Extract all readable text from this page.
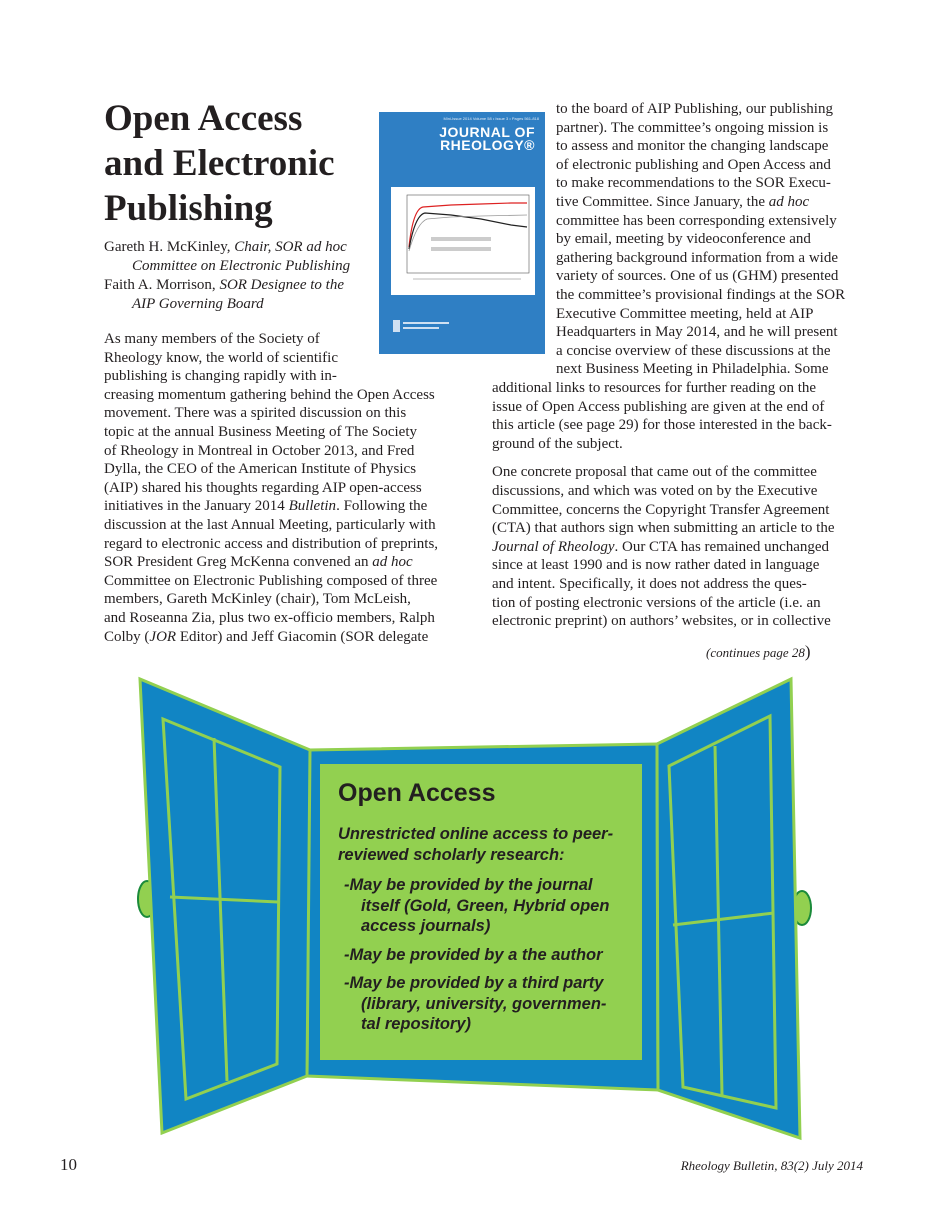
Open Access
and Electronic
Publishing
Gareth H. McKinley, Chair, SOR ad hoc
Committee on Electronic Publishing
Faith A. Morrison, SOR Designee to the
AIP Governing Board
As many members of the Society of
Rheology know, the world of scientific
publishing is changing rapidly with in-
creasing momentum gathering behind the Open Access
movement. There was a spirited discussion on this
topic at the annual Business Meeting of The Society
of Rheology in Montreal in October 2013, and Fred
Dylla, the CEO of the American Institute of Physics
(AIP) shared his thoughts regarding AIP open-access
initiatives in the January 2014 Bulletin. Following the
discussion at the last Annual Meeting, particularly with
regard to electronic access and distribution of preprints,
SOR President Greg McKenna convened an ad hoc
Committee on Electronic Publishing composed of three
members, Gareth McKinley (chair), Tom McLeish,
and Roseanna Zia, plus two ex-officio members, Ralph
Colby (JOR Editor) and Jeff Giacomin (SOR delegate
Mini-Issue 2014 Volume 58 • Issue 3 • Pages 561-818
JOURNAL OF
RHEOLOGY®
to the board of AIP Publishing, our publishing
partner). The committee’s ongoing mission is
to assess and monitor the changing landscape
of electronic publishing and Open Access and
to make recommendations to the SOR Execu-
tive Committee. Since January, the ad hoc
committee has been corresponding extensively
by email, meeting by videoconference and
gathering background information from a wide
variety of sources. One of us (GHM) presented
the committee’s provisional findings at the SOR
Executive Committee meeting, held at AIP
Headquarters in May 2014, and he will present
a concise overview of these discussions at the
next Business Meeting in Philadelphia. Some
additional links to resources for further reading on the
issue of Open Access publishing are given at the end of
this article (see page 29) for those interested in the back-
ground of the subject.
One concrete proposal that came out of the committee
discussions, and which was voted on by the Executive
Committee, concerns the Copyright Transfer Agreement
(CTA) that authors sign when submitting an article to the
Journal of Rheology. Our CTA has remained unchanged
since at least 1990 and is now rather dated in language
and intent. Specifically, it does not address the ques-
tion of posting electronic versions of the article (i.e. an
electronic preprint) on authors’ websites, or in collective
(continues page 28)
Open Access
Unrestricted online access to peer-
reviewed scholarly research:
-May be provided by the journal
itself (Gold, Green, Hybrid open
access journals)
-May be provided by a the author
-May be provided by a third party
(library, university, governmen-
tal repository)
10	Rheology Bulletin, 83(2) July 2014
